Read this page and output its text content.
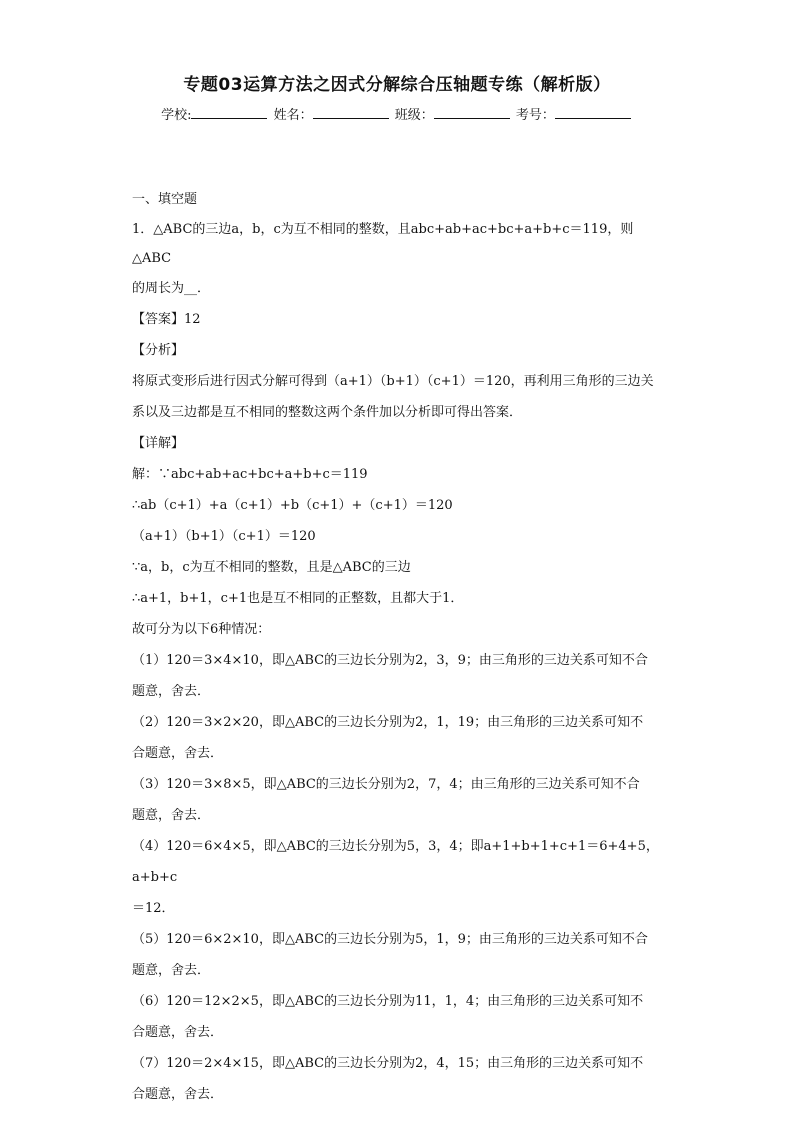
专题03运算方法之因式分解综合压轴题专练（解析版）
学校:	姓名：	班级：	考号：

一、填空题

1．△ABC的三边a，b，c为互不相同的整数，且abc+ab+ac+bc+a+b+c＝119，则△ABC

的周长为__．

【答案】12

【分析】

将原式变形后进行因式分解可得到（a+1）（b+1）（c+1）＝120，再利用三角形的三边关

系以及三边都是互不相同的整数这两个条件加以分析即可得出答案．

【详解】

解：∵abc+ab+ac+bc+a+b+c＝119

∴ab（c+1）+a（c+1）+b（c+1）+（c+1）＝120

（a+1）（b+1）（c+1）＝120

∵a，b，c为互不相同的整数，且是△ABC的三边

∴a+1，b+1，c+1也是互不相同的正整数，且都大于1．

故可分为以下6种情况：

（1）120＝3×4×10，即△ABC的三边长分别为2，3，9；由三角形的三边关系可知不合

题意，舍去．

（2）120＝3×2×20，即△ABC的三边长分别为2，1，19；由三角形的三边关系可知不

合题意，舍去．

（3）120＝3×8×5，即△ABC的三边长分别为2，7，4；由三角形的三边关系可知不合

题意，舍去．

（4）120＝6×4×5，即△ABC的三边长分别为5，3，4；即a+1+b+1+c+1＝6+4+5，a+b+c

＝12．

（5）120＝6×2×10，即△ABC的三边长分别为5，1，9；由三角形的三边关系可知不合

题意，舍去．

（6）120＝12×2×5，即△ABC的三边长分别为11，1，4；由三角形的三边关系可知不

合题意，舍去．

（7）120＝2×4×15，即△ABC的三边长分别为2，4，15；由三角形的三边关系可知不

合题意，舍去．
